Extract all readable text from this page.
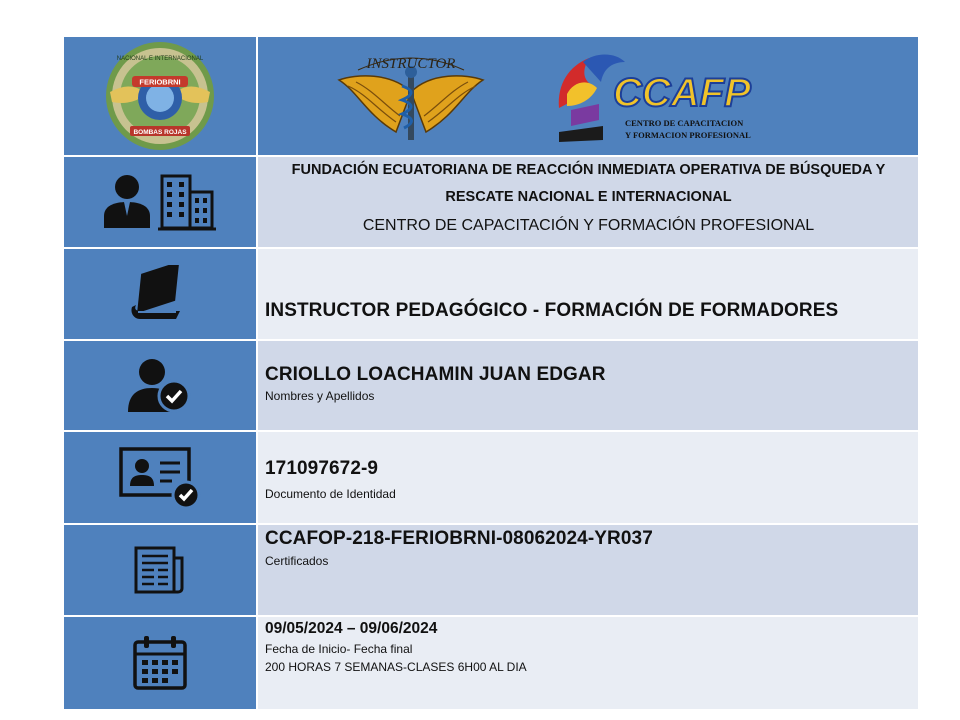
FERIOBRNI
NACIONAL E INTERNACIONAL
BOMBAS ROJAS
INSTRUCTOR
CCAFP
CENTRO DE CAPACITACION
Y FORMACION PROFESIONAL
FUNDACIÓN ECUATORIANA DE REACCIÓN INMEDIATA OPERATIVA DE BÚSQUEDA Y
RESCATE NACIONAL E INTERNACIONAL
CENTRO DE CAPACITACIÓN Y FORMACIÓN PROFESIONAL
INSTRUCTOR PEDAGÓGICO - FORMACIÓN DE FORMADORES
CRIOLLO LOACHAMIN JUAN EDGAR
Nombres y Apellidos
171097672-9
Documento de Identidad
CCAFOP-218-FERIOBRNI-08062024-YR037
Certificados
09/05/2024 – 09/06/2024
Fecha de Inicio- Fecha final
200 HORAS 7 SEMANAS-CLASES 6H00 AL DIA
